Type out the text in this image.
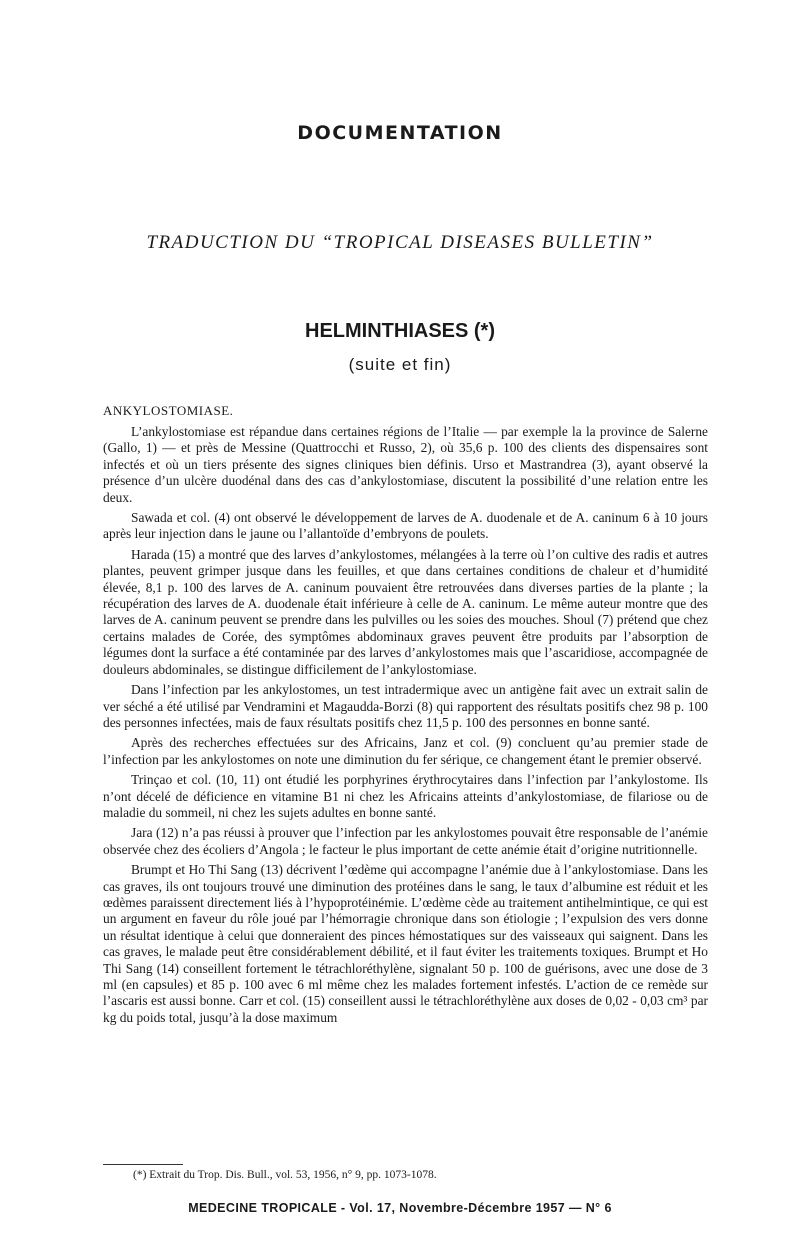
DOCUMENTATION
TRADUCTION DU “TROPICAL DISEASES BULLETIN”
HELMINTHIASES (*)
(suite et fin)
ANKYLOSTOMIASE.

L’ankylostomiase est répandue dans certaines régions de l’Italie — par exemple la la province de Salerne (Gallo, 1) — et près de Messine (Quattrocchi et Russo, 2), où 35,6 p. 100 des clients des dispensaires sont infectés et où un tiers présente des signes cliniques bien définis. Urso et Mastrandrea (3), ayant observé la présence d’un ulcère duodénal dans des cas d’ankylostomiase, discutent la possibilité d’une relation entre les deux.

Sawada et col. (4) ont observé le développement de larves de A. duodenale et de A. caninum 6 à 10 jours après leur injection dans le jaune ou l’allantoïde d’embryons de poulets.

Harada (15) a montré que des larves d’ankylostomes, mélangées à la terre où l’on cultive des radis et autres plantes, peuvent grimper jusque dans les feuilles, et que dans certaines conditions de chaleur et d’humidité élevée, 8,1 p. 100 des larves de A. caninum pouvaient être retrouvées dans diverses parties de la plante ; la récupération des larves de A. duodenale était inférieure à celle de A. caninum. Le même auteur montre que des larves de A. caninum peuvent se prendre dans les pulvilles ou les soies des mouches. Shoul (7) prétend que chez certains malades de Corée, des symptômes abdominaux graves peuvent être produits par l’absorption de légumes dont la surface a été contaminée par des larves d’ankylostomes mais que l’ascaridiose, accompagnée de douleurs abdominales, se distingue difficilement de l’ankylostomiase.

Dans l’infection par les ankylostomes, un test intradermique avec un antigène fait avec un extrait salin de ver séché a été utilisé par Vendramini et Magaudda-Borzi (8) qui rapportent des résultats positifs chez 98 p. 100 des personnes infectées, mais de faux résultats positifs chez 11,5 p. 100 des personnes en bonne santé.

Après des recherches effectuées sur des Africains, Janz et col. (9) concluent qu’au premier stade de l’infection par les ankylostomes on note une diminution du fer sérique, ce changement étant le premier observé.

Trinçao et col. (10, 11) ont étudié les porphyrines érythrocytaires dans l’infection par l’ankylostome. Ils n’ont décelé de déficience en vitamine B1 ni chez les Africains atteints d’ankylostomiase, de filariose ou de maladie du sommeil, ni chez les sujets adultes en bonne santé.

Jara (12) n’a pas réussi à prouver que l’infection par les ankylostomes pouvait être responsable de l’anémie observée chez des écoliers d’Angola ; le facteur le plus important de cette anémie était d’origine nutritionnelle.

Brumpt et Ho Thi Sang (13) décrivent l’œdème qui accompagne l’anémie due à l’ankylostomiase. Dans les cas graves, ils ont toujours trouvé une diminution des protéines dans le sang, le taux d’albumine est réduit et les œdèmes paraissent directement liés à l’hypoprotéinémie. L’œdème cède au traitement antihelmintique, ce qui est un argument en faveur du rôle joué par l’hémorragie chronique dans son étiologie ; l’expulsion des vers donne un résultat identique à celui que donneraient des pinces hémostatiques sur des vaisseaux qui saignent. Dans les cas graves, le malade peut être considérablement débilité, et il faut éviter les traitements toxiques. Brumpt et Ho Thi Sang (14) conseillent fortement le tétrachloréthylène, signalant 50 p. 100 de guérisons, avec une dose de 3 ml (en capsules) et 85 p. 100 avec 6 ml même chez les malades fortement infestés. L’action de ce remède sur l’ascaris est aussi bonne. Carr et col. (15) conseillent aussi le tétrachloréthylène aux doses de 0,02 - 0,03 cm³ par kg du poids total, jusqu’à la dose maximum

(*) Extrait du Trop. Dis. Bull., vol. 53, 1956, n° 9, pp. 1073-1078.
MEDECINE TROPICALE - Vol. 17, Novembre-Décembre 1957 — N° 6
